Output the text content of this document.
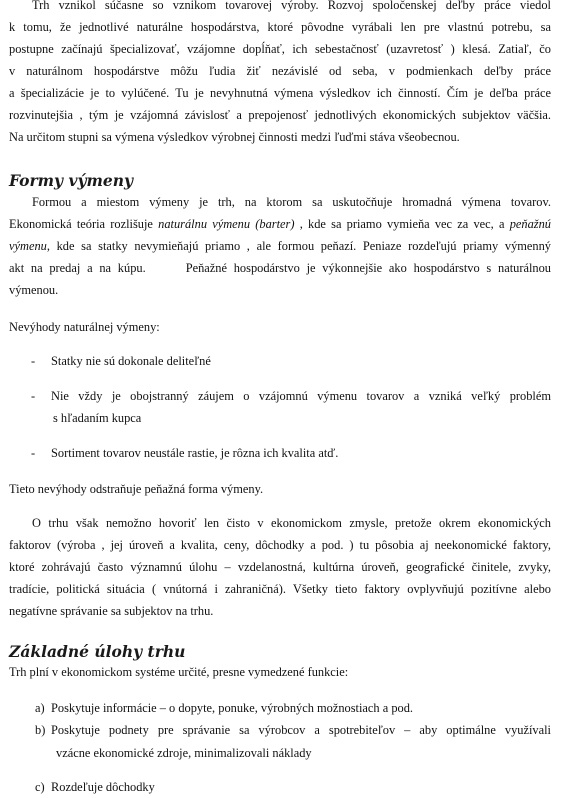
Trh vznikol súčasne so vznikom tovarovej výroby. Rozvoj spoločenskej deľby práce viedol
k tomu, že jednotlivé naturálne hospodárstva, ktoré pôvodne vyrábali len pre vlastnú potrebu, sa
postupne začínajú špecializovať, vzájomne dopĺňať, ich sebestačnosť (uzavretosť ) klesá. Zatiaľ, čo
v naturálnom hospodárstve môžu ľudia žiť nezávislé od seba, v podmienkach deľby práce
a špecializácie je to vylúčené. Tu je nevyhnutná výmena výsledkov ich činností. Čím je deľba práce
rozvinutejšia , tým je vzájomná závislosť a prepojenosť jednotlivých ekonomických subjektov väčšia.
Na určitom stupni sa výmena výsledkov výrobnej činnosti medzi ľuďmi stáva všeobecnou.
Formy výmeny
Formou a miestom výmeny je trh, na ktorom sa uskutočňuje hromadná výmena tovarov.
Ekonomická teória rozlišuje naturálnu výmenu (barter) , kde sa priamo vymieňa vec za vec, a peňažnú
výmenu, kde sa statky nevymieňajú priamo , ale formou peňazí. Peniaze rozdeľujú priamy výmenný
akt na predaj a na kúpu.	Peňažné hospodárstvo je výkonnejšie ako hospodárstvo s naturálnou
výmenou.
Nevýhody naturálnej výmeny:
- Statky nie sú dokonale deliteľné
- Nie vždy je obojstranný záujem o vzájomnú výmenu tovarov a vzniká veľký problém
s hľadaním kupca
- Sortiment tovarov neustále rastie, je rôzna ich kvalita atď.
Tieto nevýhody odstraňuje peňažná forma výmeny.
O trhu však nemožno hovoriť len čisto v ekonomickom zmysle, pretože okrem ekonomických
faktorov (výroba , jej úroveň a kvalita, ceny, dôchodky a pod. ) tu pôsobia aj neekonomické faktory,
ktoré zohrávajú často významnú úlohu – vzdelanostná, kultúrna úroveň, geografické činitele, zvyky,
tradície, politická situácia ( vnútorná i zahraničná). Všetky tieto faktory ovplyvňujú pozitívne alebo
negatívne správanie sa subjektov na trhu.
Základné úlohy trhu
Trh plní v ekonomickom systéme určité, presne vymedzené funkcie:
a) Poskytuje informácie – o dopyte, ponuke, výrobných možnostiach a pod.
b) Poskytuje podnety pre správanie sa výrobcov a spotrebiteľov – aby optimálne využívali
vzácne ekonomické zdroje, minimalizovali náklady
c) Rozdeľuje dôchodky
